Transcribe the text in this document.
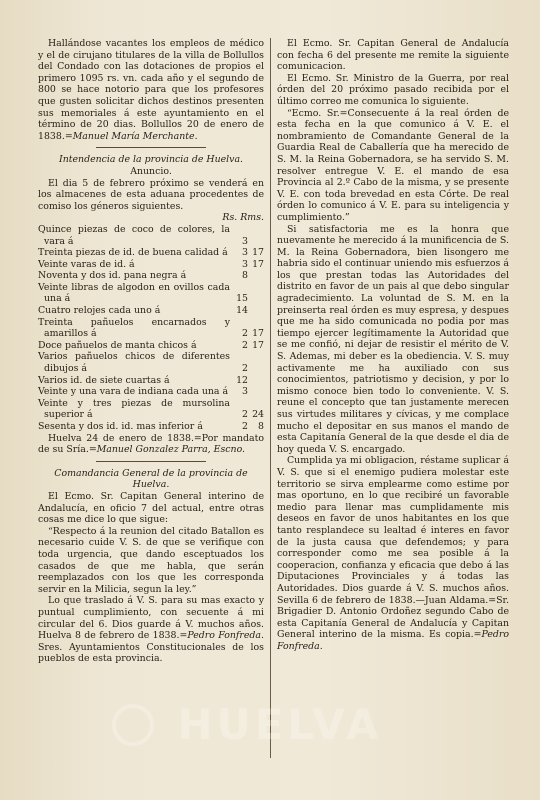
Hallándose vacantes los empleos de médico y el de cirujano titulares de la villa de Bollullos del Condado con las dotaciones de propios el primero 1095 rs. vn. cada año y el segundo de 800 se hace notorio para que los profesores que gusten solicitar dichos destinos presenten sus memoriales á este ayuntamiento en el término de 20 dias. Bollullos 20 de enero de 1838.=Manuel María Merchante.

Intendencia de la provincia de Huelva.

Anuncio.

El dia 5 de febrero próximo se venderá en los almacenes de esta aduana procedentes de comiso los géneros siguientes.

Rs. Rms.

Quince piezas de coco de colores, la vara á	3
Treinta piezas de id. de buena calidad á	3 17
Veinte varas de id. á	3 17
Noventa y dos id. pana negra á	8
Veinte libras de algodon en ovillos cada una á	15
Cuatro relojes cada uno á	14
Treinta pañuelos encarnados y amarillos á	2 17
Doce pañuelos de manta chicos á	2 17
Varios pañuelos chicos de diferentes dibujos á	2
Varios id. de siete cuartas á	12
Veinte y una vara de indiana cada una á	3
Veinte y tres piezas de mursolina superior á	2 24
Sesenta y dos id. id. mas inferior á	2	8

Huelva 24 de enero de 1838.=Por mandato de su Sría.=Manuel Gonzalez Parra, Escno.

Comandancia General de la provincia de Huelva.

El Ecmo. Sr. Capitan General interino de Andalucía, en oficio 7 del actual, entre otras cosas me dice lo que sigue:

“Respecto á la reunion del citado Batallon es necesario cuide V. S. de que se verifique con toda urgencia, que dando esceptuados los casados de que me habla, que serán reemplazados con los que les corresponda servir en la Milicia, segun la ley.”

Lo que traslado á V. S. para su mas exacto y puntual cumplimiento, con secuente á mi circular del 6. Dios guarde á V. muchos años. Huelva 8 de febrero de 1838.=Pedro Fonfreda. Sres. Ayuntamientos Constitucionales de los pueblos de esta provincia.

El Ecmo. Sr. Capitan General de Andalucía con fecha 6 del presente me remite la siguiente comunicacion.

El Ecmo. Sr. Ministro de la Guerra, por real órden del 20 próximo pasado recibida por el último correo me comunica lo siguiente.

“Ecmo. Sr.=Consecuente á la real órden de esta fecha en la que comunico á V. E. el nombramiento de Comandante General de la Guardia Real de Caballería que ha merecido de S. M. la Reina Gobernadora, se ha servido S. M. resolver entregue V. E. el mando de esa Provincia al 2.º Cabo de la misma, y se presente V. E. con toda brevedad en esta Córte. De real órden lo comunico á V. E. para su inteligencia y cumplimiento.”

Si satisfactoria me es la honra que nuevamente he merecido á la munificencia de S. M. la Reina Gobernadora, bien lisongero me habria sido el continuar uniendo mis esfuerzos á los que prestan todas las Autoridades del distrito en favor de un pais al que debo singular agradecimiento. La voluntad de S. M. en la preinserta real órden es muy espresa, y despues que me ha sido comunicada no podia por mas tiempo ejercer legítimamente la Autoridad que se me confió, ni dejar de resistir el mérito de V. S. Ademas, mi deber es la obediencia. V. S. muy activamente me ha auxiliado con sus conocimientos, patriotismo y decision, y por lo mismo conoce bien todo lo conveniente. V. S. reune el concepto que tan justamente merecen sus virtudes militares y cívicas, y me complace mucho el depositar en sus manos el mando de esta Capitanía General de la que desde el dia de hoy queda V. S. encargado.

Cumplida ya mi obligacion, réstame suplicar á V. S. que si el enemigo pudiera molestar este territorio se sirva emplearme como estime por mas oportuno, en lo que recibiré un favorable medio para llenar mas cumplidamente mis deseos en favor de unos habitantes en los que tanto resplandece su lealtad é interes en favor de la justa causa que defendemos; y para corresponder como me sea posible á la cooperacion, confianza y eficacia que debo á las Diputaciones Provinciales y á todas las Autoridades. Dios guarde á V. S. muchos años. Sevilla 6 de febrero de 1838.—Juan Aldama.=Sr. Brigadier D. Antonio Ordoñez segundo Cabo de esta Capitanía General de Andalucía y Capitan General interino de la misma. Es copia.=Pedro Fonfreda.

HUELVA
